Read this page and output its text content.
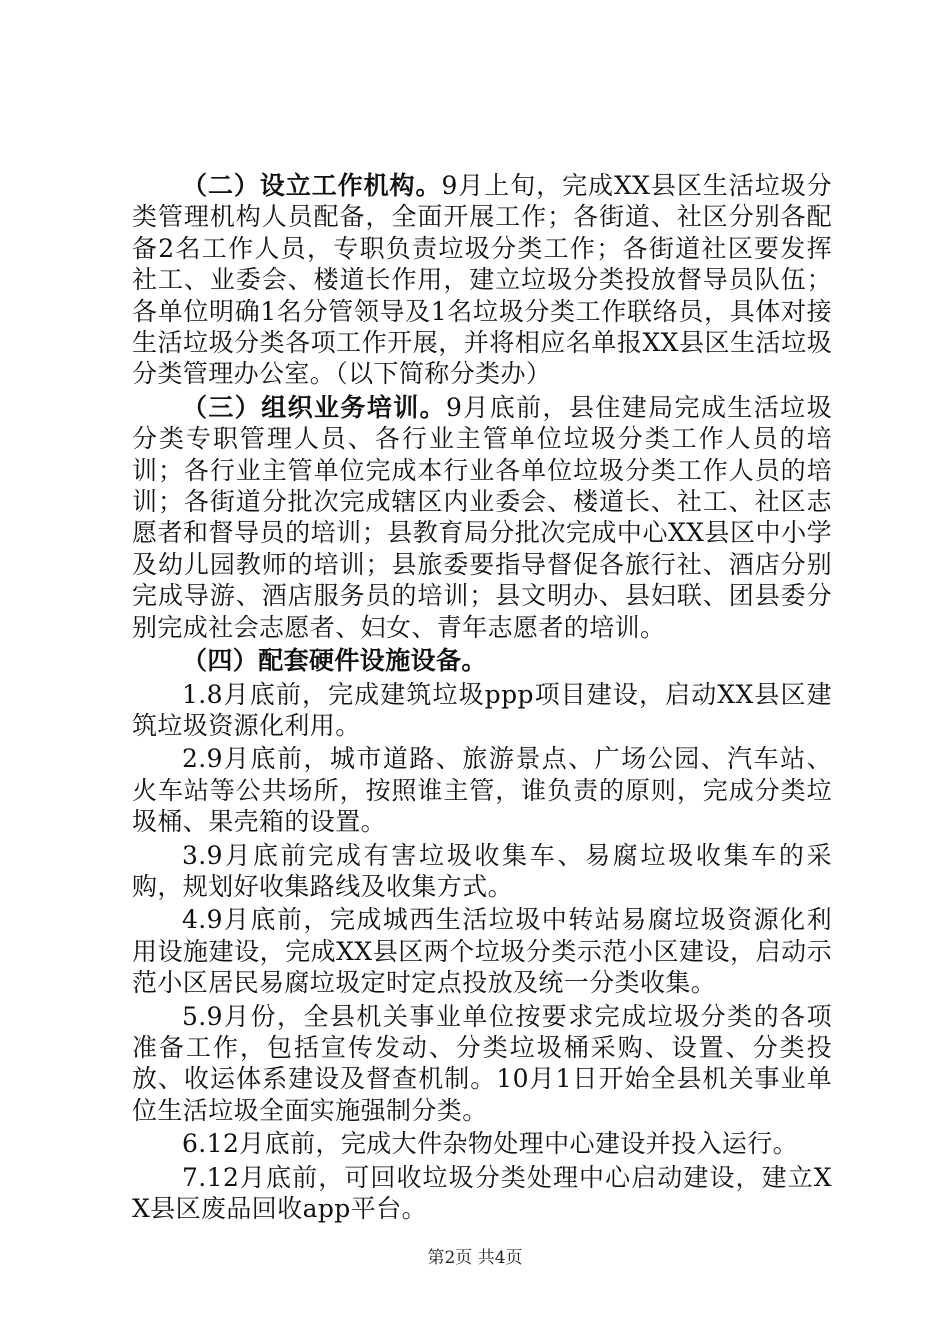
（二）设立工作机构。9月上旬，完成XX县区生活垃圾分类管理机构人员配备，全面开展工作；各街道、社区分别各配备2名工作人员，专职负责垃圾分类工作；各街道社区要发挥社工、业委会、楼道长作用，建立垃圾分类投放督导员队伍；各单位明确1名分管领导及1名垃圾分类工作联络员，具体对接生活垃圾分类各项工作开展，并将相应名单报XX县区生活垃圾分类管理办公室。（以下简称分类办）

（三）组织业务培训。9月底前，县住建局完成生活垃圾分类专职管理人员、各行业主管单位垃圾分类工作人员的培训；各行业主管单位完成本行业各单位垃圾分类工作人员的培训；各街道分批次完成辖区内业委会、楼道长、社工、社区志愿者和督导员的培训；县教育局分批次完成中心XX县区中小学及幼儿园教师的培训；县旅委要指导督促各旅行社、酒店分别完成导游、酒店服务员的培训；县文明办、县妇联、团县委分别完成社会志愿者、妇女、青年志愿者的培训。

（四）配套硬件设施设备。

1.8月底前，完成建筑垃圾ppp项目建设，启动XX县区建筑垃圾资源化利用。

2.9月底前，城市道路、旅游景点、广场公园、汽车站、火车站等公共场所，按照谁主管，谁负责的原则，完成分类垃圾桶、果壳箱的设置。

3.9月底前完成有害垃圾收集车、易腐垃圾收集车的采购，规划好收集路线及收集方式。

4.9月底前，完成城西生活垃圾中转站易腐垃圾资源化利用设施建设，完成XX县区两个垃圾分类示范小区建设，启动示范小区居民易腐垃圾定时定点投放及统一分类收集。

5.9月份，全县机关事业单位按要求完成垃圾分类的各项准备工作，包括宣传发动、分类垃圾桶采购、设置、分类投放、收运体系建设及督查机制。10月1日开始全县机关事业单位生活垃圾全面实施强制分类。

6.12月底前，完成大件杂物处理中心建设并投入运行。

7.12月底前，可回收垃圾分类处理中心启动建设，建立XX县区废品回收app平台。

第2页 共4页
